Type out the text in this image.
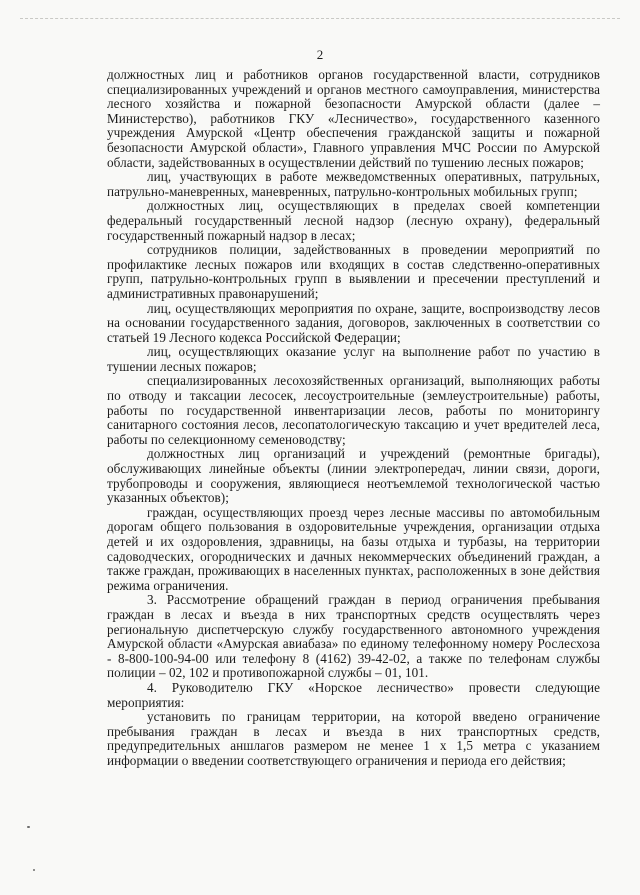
2

должностных лиц и работников органов государственной власти, сотрудников специализированных учреждений и органов местного самоуправления, министерства лесного хозяйства и пожарной безопасности Амурской области (далее – Министерство), работников ГКУ «Лесничество», государственного казенного учреждения Амурской «Центр обеспечения гражданской защиты и пожарной безопасности Амурской области», Главного управления МЧС России по Амурской области, задействованных в осуществлении действий по тушению лесных пожаров;

лиц, участвующих в работе межведомственных оперативных, патрульных, патрульно-маневренных, маневренных, патрульно-контрольных мобильных групп;

должностных лиц, осуществляющих в пределах своей компетенции федеральный государственный лесной надзор (лесную охрану), федеральный государственный пожарный надзор в лесах;

сотрудников полиции, задействованных в проведении мероприятий по профилактике лесных пожаров или входящих в состав следственно-оперативных групп, патрульно-контрольных групп в выявлении и пресечении преступлений и административных правонарушений;

лиц, осуществляющих мероприятия по охране, защите, воспроизводству лесов на основании государственного задания, договоров, заключенных в соответствии со статьей 19 Лесного кодекса Российской Федерации;

лиц, осуществляющих оказание услуг на выполнение работ по участию в тушении лесных пожаров;

специализированных лесохозяйственных организаций, выполняющих работы по отводу и таксации лесосек, лесоустроительные (землеустроительные) работы, работы по государственной инвентаризации лесов, работы по мониторингу санитарного состояния лесов, лесопатологическую таксацию и учет вредителей леса, работы по селекционному семеноводству;

должностных лиц организаций и учреждений (ремонтные бригады), обслуживающих линейные объекты (линии электропередач, линии связи, дороги, трубопроводы и сооружения, являющиеся неотъемлемой технологической частью указанных объектов);

граждан, осуществляющих проезд через лесные массивы по автомобильным дорогам общего пользования в оздоровительные учреждения, организации отдыха детей и их оздоровления, здравницы, на базы отдыха и турбазы, на территории садоводческих, огороднических и дачных некоммерческих объединений граждан, а также граждан, проживающих в населенных пунктах, расположенных в зоне действия режима ограничения.

3. Рассмотрение обращений граждан в период ограничения пребывания граждан в лесах и въезда в них транспортных средств осуществлять через региональную диспетчерскую службу государственного автономного учреждения Амурской области «Амурская авиабаза» по единому телефонному номеру Рослесхоза - 8-800-100-94-00 или телефону 8 (4162) 39-42-02, а также по телефонам службы полиции – 02, 102 и противопожарной службы – 01, 101.

4. Руководителю ГКУ «Норское лесничество» провести следующие мероприятия:

установить по границам территории, на которой введено ограничение пребывания граждан в лесах и въезда в них транспортных средств, предупредительных аншлагов размером не менее 1 х 1,5 метра с указанием информации о введении соответствующего ограничения и периода его действия;
